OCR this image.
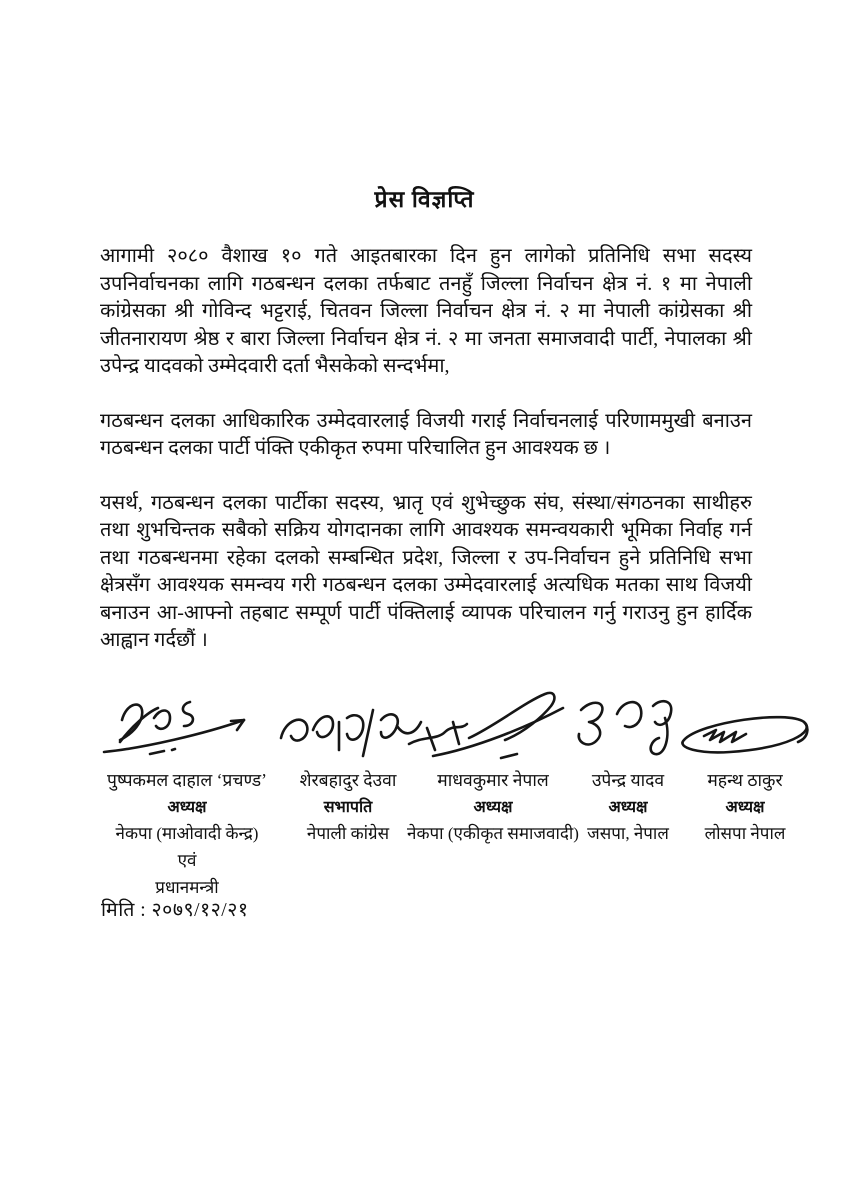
प्रेस विज्ञप्ति

आगामी २०८० वैशाख १० गते आइतबारका दिन हुन लागेको प्रतिनिधि सभा सदस्य उपनिर्वाचनका लागि गठबन्धन दलका तर्फबाट तनहुँ जिल्ला निर्वाचन क्षेत्र नं. १ मा नेपाली कांग्रेसका श्री गोविन्द भट्टराई, चितवन जिल्ला निर्वाचन क्षेत्र नं. २ मा नेपाली कांग्रेसका श्री जीतनारायण श्रेष्ठ र बारा जिल्ला निर्वाचन क्षेत्र नं. २ मा जनता समाजवादी पार्टी, नेपालका श्री उपेन्द्र यादवको उम्मेदवारी दर्ता भैसकेको सन्दर्भमा,

गठबन्धन दलका आधिकारिक उम्मेदवारलाई विजयी गराई निर्वाचनलाई परिणाममुखी बनाउन गठबन्धन दलका पार्टी पंक्ति एकीकृत रुपमा परिचालित हुन आवश्यक छ ।

यसर्थ, गठबन्धन दलका पार्टीका सदस्य, भ्रातृ एवं शुभेच्छुक संघ, संस्था/संगठनका साथीहरु तथा शुभचिन्तक सबैको सक्रिय योगदानका लागि आवश्यक समन्वयकारी भूमिका निर्वाह गर्न तथा गठबन्धनमा रहेका दलको सम्बन्धित प्रदेश, जिल्ला र उप-निर्वाचन हुने प्रतिनिधि सभा क्षेत्रसँग आवश्यक समन्वय गरी गठबन्धन दलका उम्मेदवारलाई अत्यधिक मतका साथ विजयी बनाउन आ-आफ्नो तहबाट सम्पूर्ण पार्टी पंक्तिलाई व्यापक परिचालन गर्नु गराउनु हुन हार्दिक आह्वान गर्दछौं ।

पुष्पकमल दाहाल ‘प्रचण्ड’
अध्यक्ष
नेकपा (माओवादी केन्द्र)
एवं
प्रधानमन्त्री
शेरबहादुर देउवा
सभापति
नेपाली कांग्रेस
माधवकुमार नेपाल
अध्यक्ष
नेकपा (एकीकृत समाजवादी)
उपेन्द्र यादव
अध्यक्ष
जसपा, नेपाल
महन्थ ठाकुर
अध्यक्ष
लोसपा नेपाल
मिति : २०७९/१२/२१
